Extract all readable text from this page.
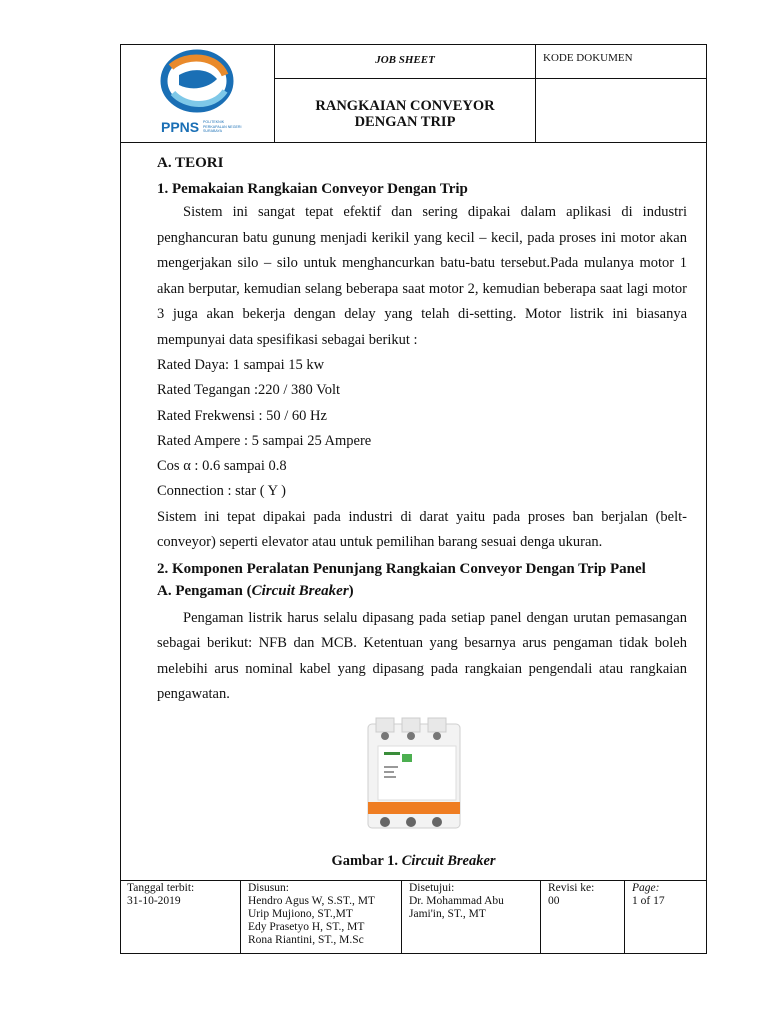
PPNS POLITEKNIK PERKAPALAN NEGERI SURABAYA
JOB SHEET	KODE DOKUMEN
RANGKAIAN CONVEYOR
DENGAN TRIP
A. TEORI
1. Pemakaian Rangkaian Conveyor Dengan Trip

Sistem ini sangat tepat efektif dan sering dipakai dalam aplikasi di industri penghancuran batu gunung menjadi kerikil yang kecil – kecil, pada proses ini motor akan mengerjakan silo – silo untuk menghancurkan batu-batu tersebut.Pada mulanya motor 1 akan berputar, kemudian selang beberapa saat motor 2, kemudian beberapa saat lagi motor 3 juga akan bekerja dengan delay yang telah di-setting. Motor listrik ini biasanya mempunyai data spesifikasi sebagai berikut :

Rated Daya: 1 sampai 15 kw

Rated Tegangan :220 / 380 Volt

Rated Frekwensi : 50 / 60 Hz

Rated Ampere : 5 sampai 25 Ampere

Cos α : 0.6 sampai 0.8

Connection : star ( Y )

Sistem ini tepat dipakai pada industri di darat yaitu pada proses ban berjalan (belt-conveyor) seperti elevator atau untuk pemilihan barang sesuai denga ukuran.

2. Komponen Peralatan Penunjang Rangkaian Conveyor Dengan Trip Panel
A. Pengaman (Circuit Breaker)

Pengaman listrik harus selalu dipasang pada setiap panel dengan urutan pemasangan sebagai berikut: NFB dan MCB. Ketentuan yang besarnya arus pengaman tidak boleh melebihi arus nominal kabel yang dipasang pada rangkaian pengendali atau rangkaian pengawatan.

Gambar 1. Circuit Breaker
Tanggal terbit:
31-10-2019
Disusun:
Hendro Agus W, S.ST., MT
Urip Mujiono, ST.,MT
Edy Prasetyo H, ST., MT
Rona Riantini, ST., M.Sc
Disetujui:
Dr. Mohammad Abu
Jami'in, ST., MT
Revisi ke:
00
Page:
1 of 17
